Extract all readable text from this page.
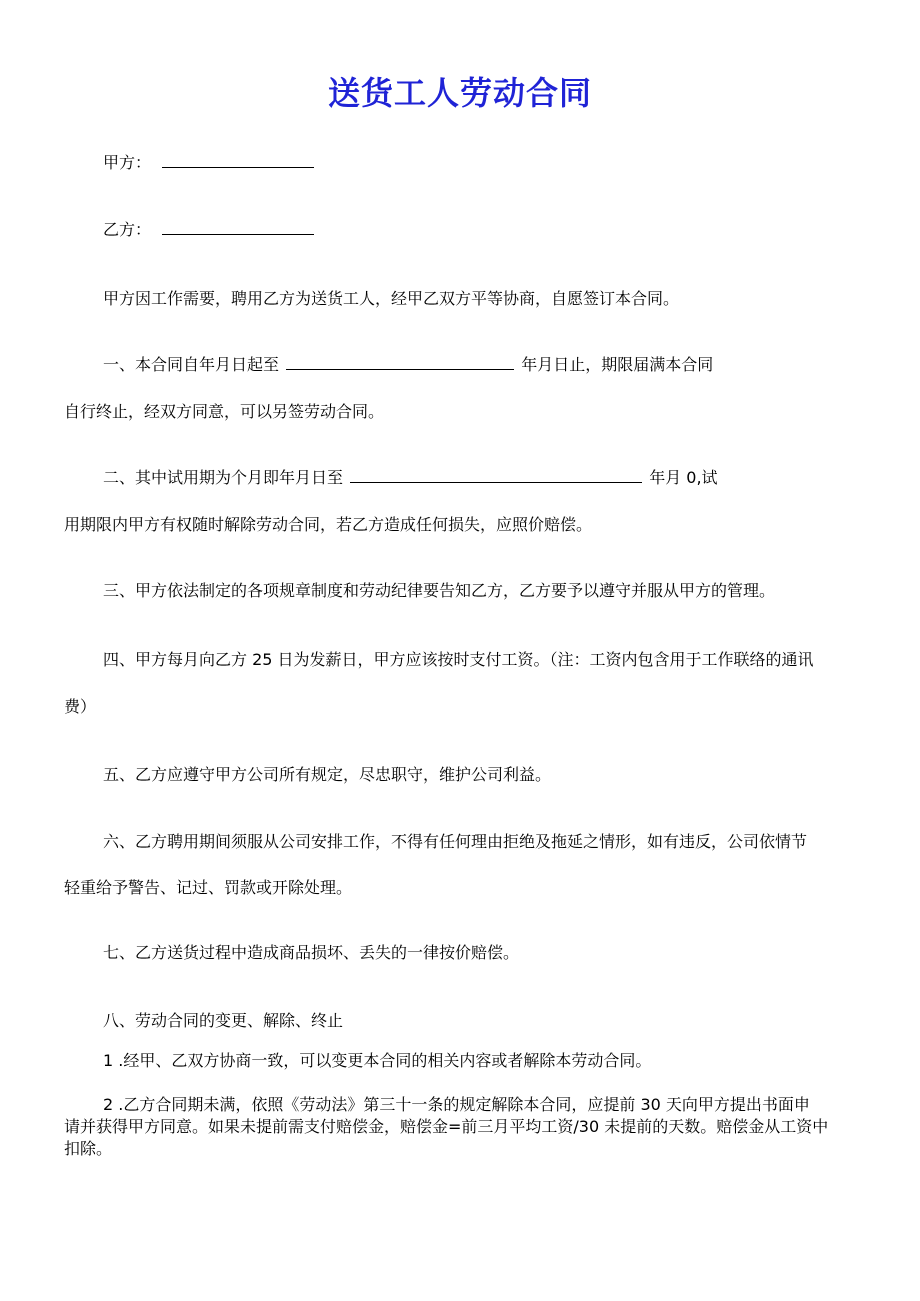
送货工人劳动合同
甲方：
乙方：
甲方因工作需要，聘用乙方为送货工人，经甲乙双方平等协商，自愿签订本合同。
一、本合同自年月日起至	年月日止，期限届满本合同
自行终止，经双方同意，可以另签劳动合同。
二、其中试用期为个月即年月日至	年月 0,试
用期限内甲方有权随时解除劳动合同，若乙方造成任何损失，应照价赔偿。
三、甲方依法制定的各项规章制度和劳动纪律要告知乙方，乙方要予以遵守并服从甲方的管理。
四、甲方每月向乙方 25 日为发薪日，甲方应该按时支付工资。（注：工资内包含用于工作联络的通讯
费）
五、乙方应遵守甲方公司所有规定，尽忠职守，维护公司利益。
六、乙方聘用期间须服从公司安排工作，不得有任何理由拒绝及拖延之情形，如有违反，公司依情节
轻重给予警告、记过、罚款或开除处理。
七、乙方送货过程中造成商品损坏、丢失的一律按价赔偿。
八、劳动合同的变更、解除、终止
1 .经甲、乙双方协商一致，可以变更本合同的相关内容或者解除本劳动合同。
2 .乙方合同期未满，依照《劳动法》第三十一条的规定解除本合同，应提前 30 天向甲方提出书面申
请并获得甲方同意。如果未提前需支付赔偿金，赔偿金=前三月平均工资/30 未提前的天数。赔偿金从工资中
扣除。
